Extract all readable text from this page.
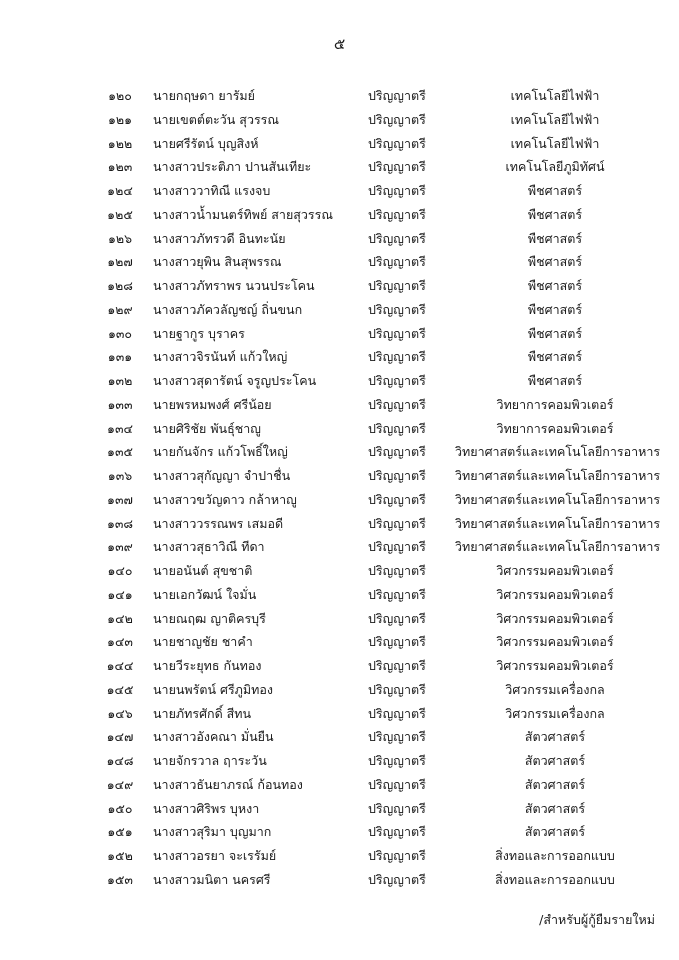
๕
๑๒๐	นายกฤษดา ยารัมย์	ปริญญาตรี	เทคโนโลยีไฟฟ้า
๑๒๑	นายเขตต์ตะวัน สุวรรณ	ปริญญาตรี	เทคโนโลยีไฟฟ้า
๑๒๒	นายศรีรัตน์ บุญสิงห์	ปริญญาตรี	เทคโนโลยีไฟฟ้า
๑๒๓	นางสาวประติภา ปานสันเทียะ	ปริญญาตรี	เทคโนโลยีภูมิทัศน์
๑๒๔	นางสาววาทิณี แรงจบ	ปริญญาตรี	พืชศาสตร์
๑๒๕	นางสาวน้ำมนตร์ทิพย์ สายสุวรรณ	ปริญญาตรี	พืชศาสตร์
๑๒๖	นางสาวภัทรวดี อินทะนัย	ปริญญาตรี	พืชศาสตร์
๑๒๗	นางสาวยุพิน สินสุพรรณ	ปริญญาตรี	พืชศาสตร์
๑๒๘	นางสาวภัทราพร นวนประโคน	ปริญญาตรี	พืชศาสตร์
๑๒๙	นางสาวภัควลัญชญ์ ถิ่นขนก	ปริญญาตรี	พืชศาสตร์
๑๓๐	นายฐากูร บุราคร	ปริญญาตรี	พืชศาสตร์
๑๓๑	นางสาวจิรนันท์ แก้วใหญ่	ปริญญาตรี	พืชศาสตร์
๑๓๒	นางสาวสุดารัตน์ จรูญประโคน	ปริญญาตรี	พืชศาสตร์
๑๓๓	นายพรหมพงศ์ ศรีน้อย	ปริญญาตรี	วิทยาการคอมพิวเตอร์
๑๓๔	นายศิริชัย พันธุ์ชาญู	ปริญญาตรี	วิทยาการคอมพิวเตอร์
๑๓๕	นายกันจักร แก้วโพธิ์ใหญ่	ปริญญาตรี วิทยาศาสตร์และเทคโนโลยีการอาหาร
๑๓๖	นางสาวสุกัญญา จำปาชื่น	ปริญญาตรี วิทยาศาสตร์และเทคโนโลยีการอาหาร
๑๓๗	นางสาวขวัญดาว กล้าหาญู	ปริญญาตรี วิทยาศาสตร์และเทคโนโลยีการอาหาร
๑๓๘	นางสาววรรณพร เสมอดี	ปริญญาตรี วิทยาศาสตร์และเทคโนโลยีการอาหาร
๑๓๙	นางสาวสุธาวิณี ทีดา	ปริญญาตรี วิทยาศาสตร์และเทคโนโลยีการอาหาร
๑๔๐	นายอนันต์ สุขชาติ	ปริญญาตรี	วิศวกรรมคอมพิวเตอร์
๑๔๑	นายเอกวัฒน์ ใจมั่น	ปริญญาตรี	วิศวกรรมคอมพิวเตอร์
๑๔๒	นายณฤฒ ญาติครบุรี	ปริญญาตรี	วิศวกรรมคอมพิวเตอร์
๑๔๓	นายชาญชัย ชาคำ	ปริญญาตรี	วิศวกรรมคอมพิวเตอร์
๑๔๔	นายวีระยุทธ กันทอง	ปริญญาตรี	วิศวกรรมคอมพิวเตอร์
๑๔๕	นายนพรัตน์ ศรีภูมิทอง	ปริญญาตรี	วิศวกรรมเครื่องกล
๑๔๖	นายภัทรศักดิ์ สีทน	ปริญญาตรี	วิศวกรรมเครื่องกล
๑๔๗	นางสาวอังคณา มั่นยืน	ปริญญาตรี	สัตวศาสตร์
๑๔๘	นายจักรวาล ฤาระวัน	ปริญญาตรี	สัตวศาสตร์
๑๔๙	นางสาวธันยาภรณ์ ก้อนทอง	ปริญญาตรี	สัตวศาสตร์
๑๕๐	นางสาวศิริพร บุหงา	ปริญญาตรี	สัตวศาสตร์
๑๕๑	นางสาวสุริมา บุญมาก	ปริญญาตรี	สัตวศาสตร์
๑๕๒	นางสาวอรยา จะเรรัมย์	ปริญญาตรี	สิ่งทอและการออกแบบ
๑๕๓	นางสาวมนิตา นครศรี	ปริญญาตรี	สิ่งทอและการออกแบบ
/สำหรับผู้กู้ยืมรายใหม่
